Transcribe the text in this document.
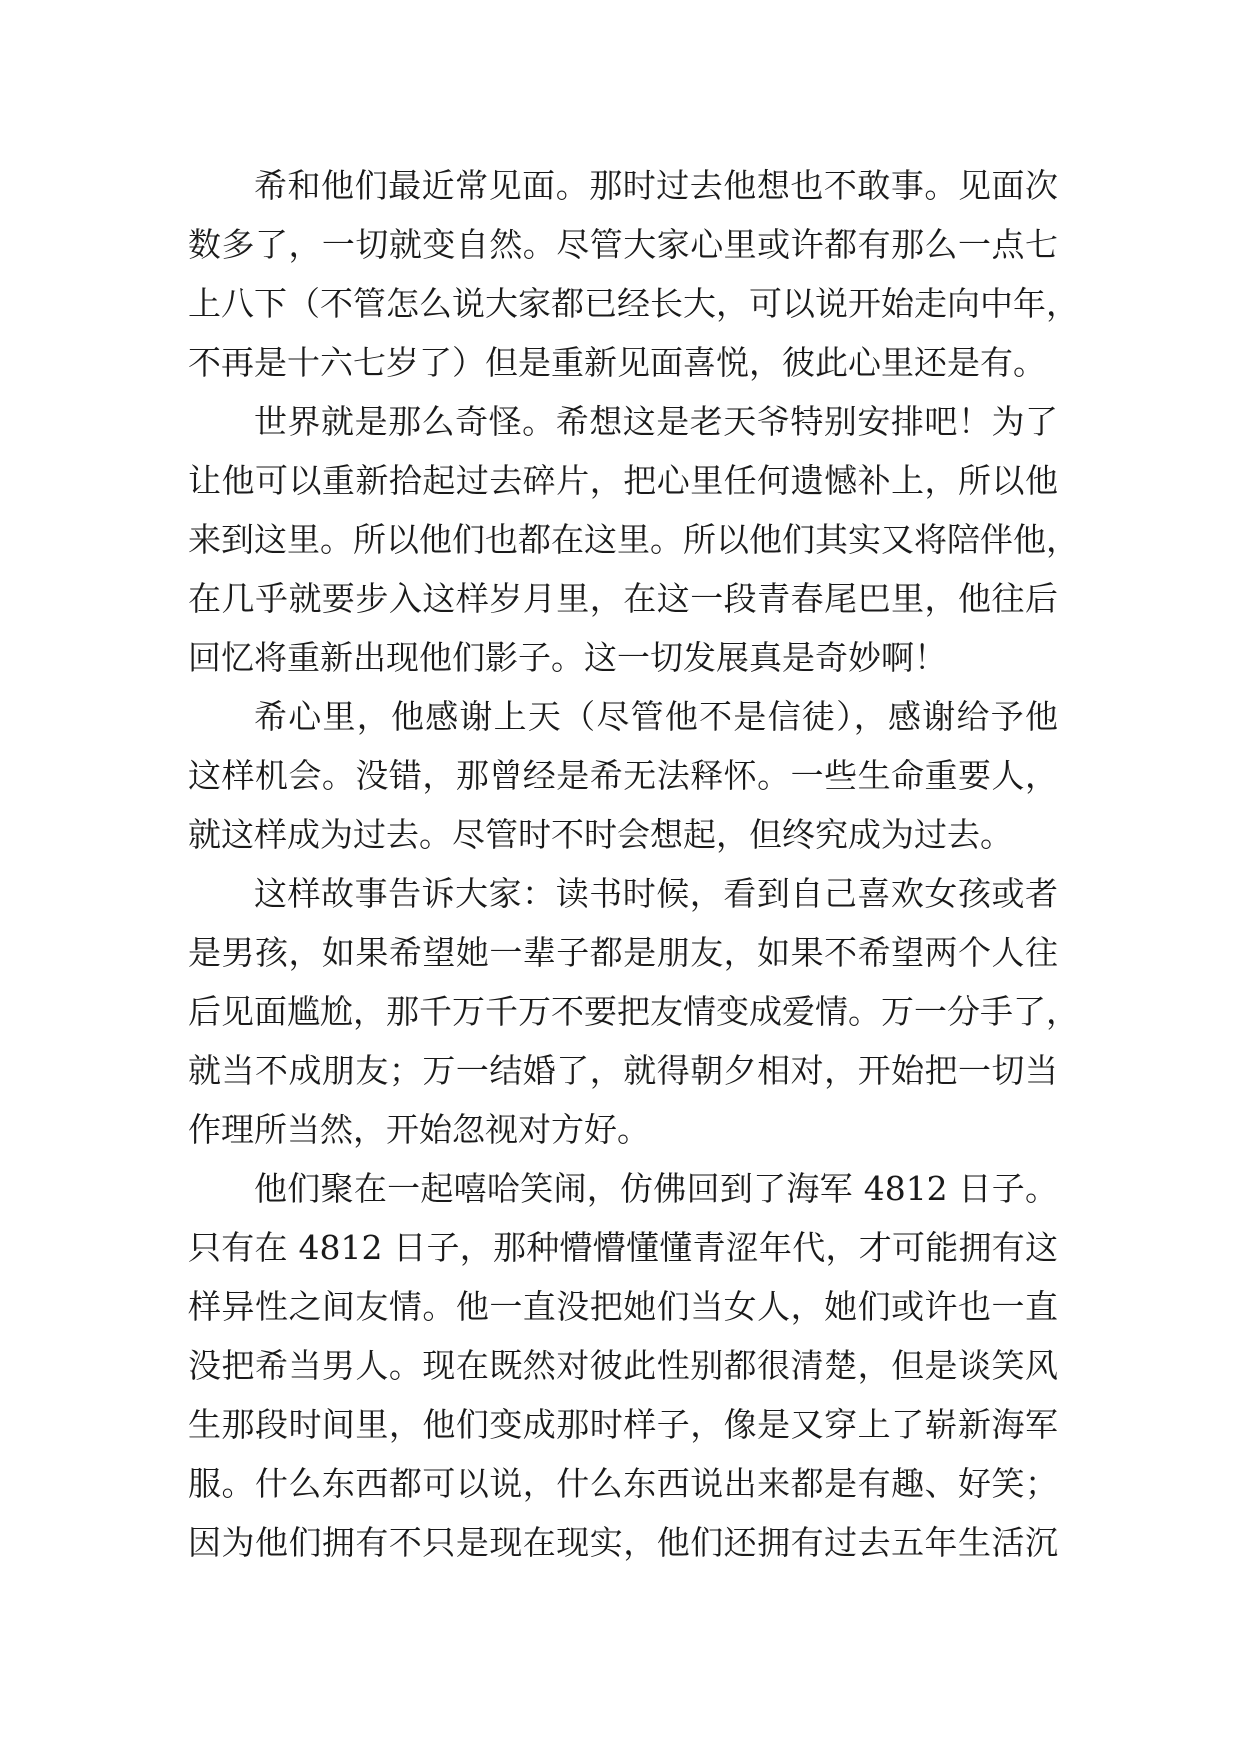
希和他们最近常见面。那时过去他想也不敢事。见面次
数多了，一切就变自然。尽管大家心里或许都有那么一点七
上八下（不管怎么说大家都已经长大，可以说开始走向中年，
不再是十六七岁了）但是重新见面喜悦，彼此心里还是有。
世界就是那么奇怪。希想这是老天爷特别安排吧！为了
让他可以重新拾起过去碎片，把心里任何遗憾补上，所以他
来到这里。所以他们也都在这里。所以他们其实又将陪伴他，
在几乎就要步入这样岁月里，在这一段青春尾巴里，他往后
回忆将重新出现他们影子。这一切发展真是奇妙啊！
希心里，他感谢上天（尽管他不是信徒），感谢给予他
这样机会。没错，那曾经是希无法释怀。一些生命重要人，
就这样成为过去。尽管时不时会想起，但终究成为过去。
这样故事告诉大家：读书时候，看到自己喜欢女孩或者
是男孩，如果希望她一辈子都是朋友，如果不希望两个人往
后见面尴尬，那千万千万不要把友情变成爱情。万一分手了，
就当不成朋友；万一结婚了，就得朝夕相对，开始把一切当
作理所当然，开始忽视对方好。
他们聚在一起嘻哈笑闹，仿佛回到了海军 4812 日子。
只有在 4812 日子，那种懵懵懂懂青涩年代，才可能拥有这
样异性之间友情。他一直没把她们当女人，她们或许也一直
没把希当男人。现在既然对彼此性别都很清楚，但是谈笑风
生那段时间里，他们变成那时样子，像是又穿上了崭新海军
服。什么东西都可以说，什么东西说出来都是有趣、好笑；
因为他们拥有不只是现在现实，他们还拥有过去五年生活沉
